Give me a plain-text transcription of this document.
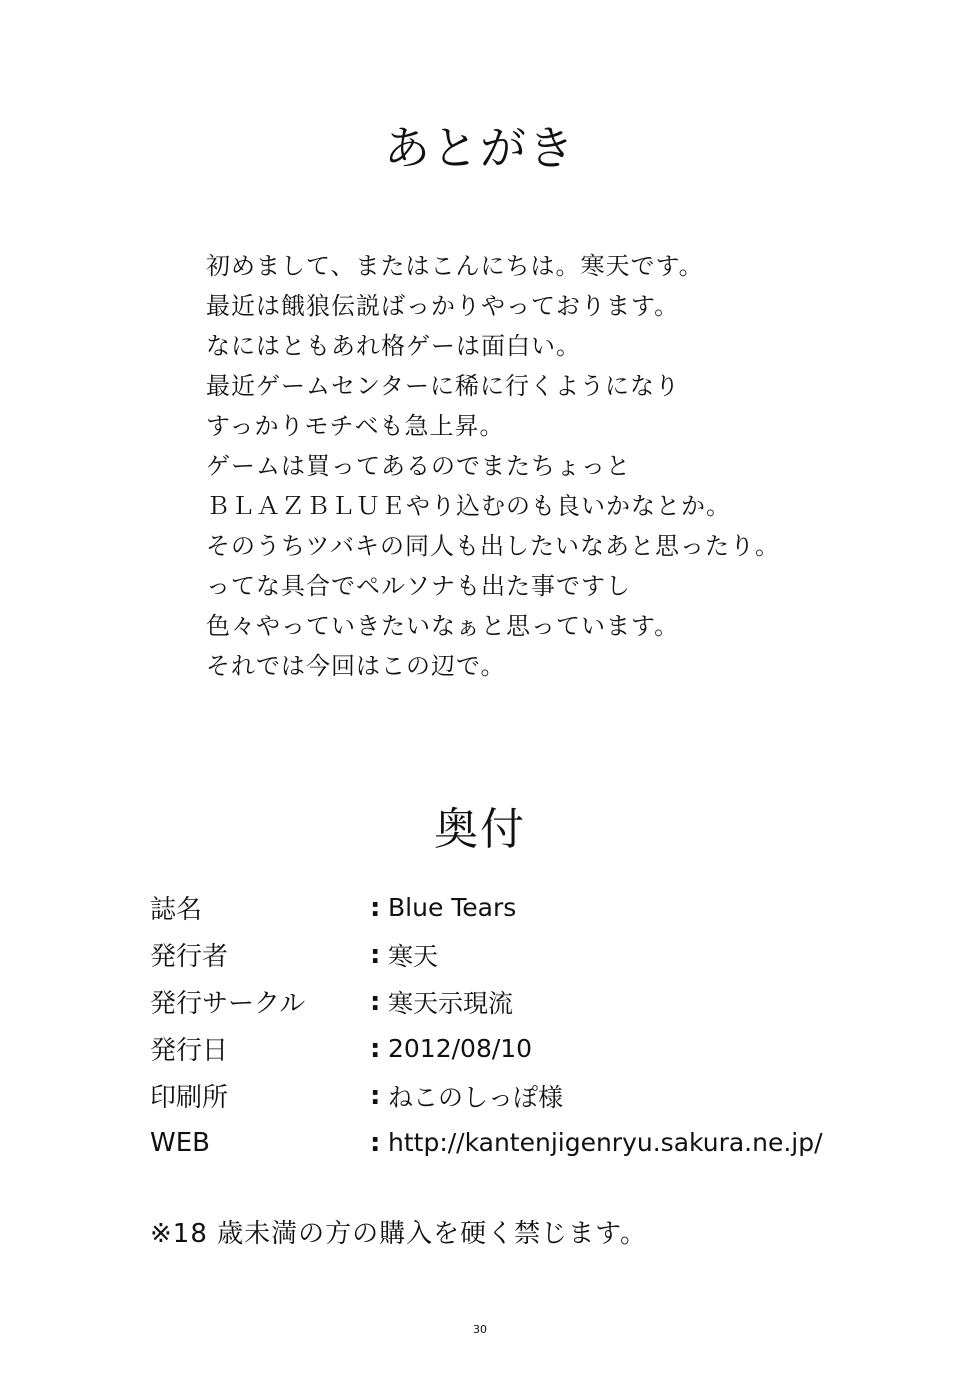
あとがき
初めまして、またはこんにちは。寒天です。
最近は餓狼伝説ばっかりやっております。
なにはともあれ格ゲーは面白い。
最近ゲームセンターに稀に行くようになり
すっかりモチベも急上昇。
ゲームは買ってあるのでまたちょっと
ＢＬＡＺＢＬＵＥやり込むのも良いかなとか。
そのうちツバキの同人も出したいなあと思ったり。
ってな具合でペルソナも出た事ですし
色々やっていきたいなぁと思っています。
それでは今回はこの辺で。
奥付
誌名	: Blue Tears
発行者	: 寒天
発行サークル	: 寒天示現流
発行日	: 2012/08/10
印刷所	: ねこのしっぽ様
WEB	: http://kantenjigenryu.sakura.ne.jp/
※18 歳未満の方の購入を硬く禁じます。
30
